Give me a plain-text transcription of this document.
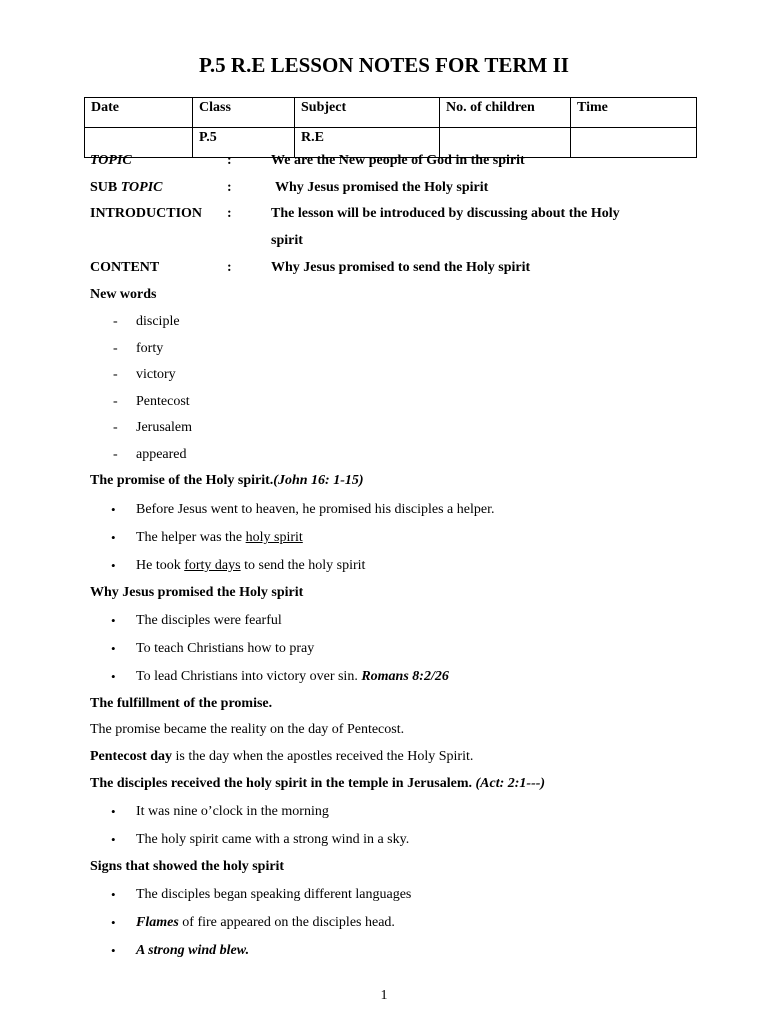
P.5 R.E LESSON NOTES FOR TERM II
Date	Class	Subject	No. of children	Time
	P.5	R.E		
TOPIC	:	We are the New people of God in the spirit
SUB TOPIC	:	Why Jesus promised the Holy spirit
INTRODUCTION :	The lesson will be introduced by discussing about the Holy
spirit
CONTENT	:	Why Jesus promised to send the Holy spirit
New words
- disciple
- forty
- victory
- Pentecost
- Jerusalem
- appeared
The promise of the Holy spirit.(John 16: 1-15)
• Before Jesus went to heaven, he promised his disciples a helper.
• The helper was the holy spirit
• He took forty days to send the holy spirit
Why Jesus promised the Holy spirit
• The disciples were fearful
• To teach Christians how to pray
• To lead Christians into victory over sin. Romans 8:2/26
The fulfillment of the promise.
The promise became the reality on the day of Pentecost.
Pentecost day is the day when the apostles received the Holy Spirit.
The disciples received the holy spirit in the temple in Jerusalem. (Act: 2:1---)
• It was nine o’clock in the morning
• The holy spirit came with a strong wind in a sky.
Signs that showed the holy spirit
• The disciples began speaking different languages
• Flames of fire appeared on the disciples head.
• A strong wind blew.
1
